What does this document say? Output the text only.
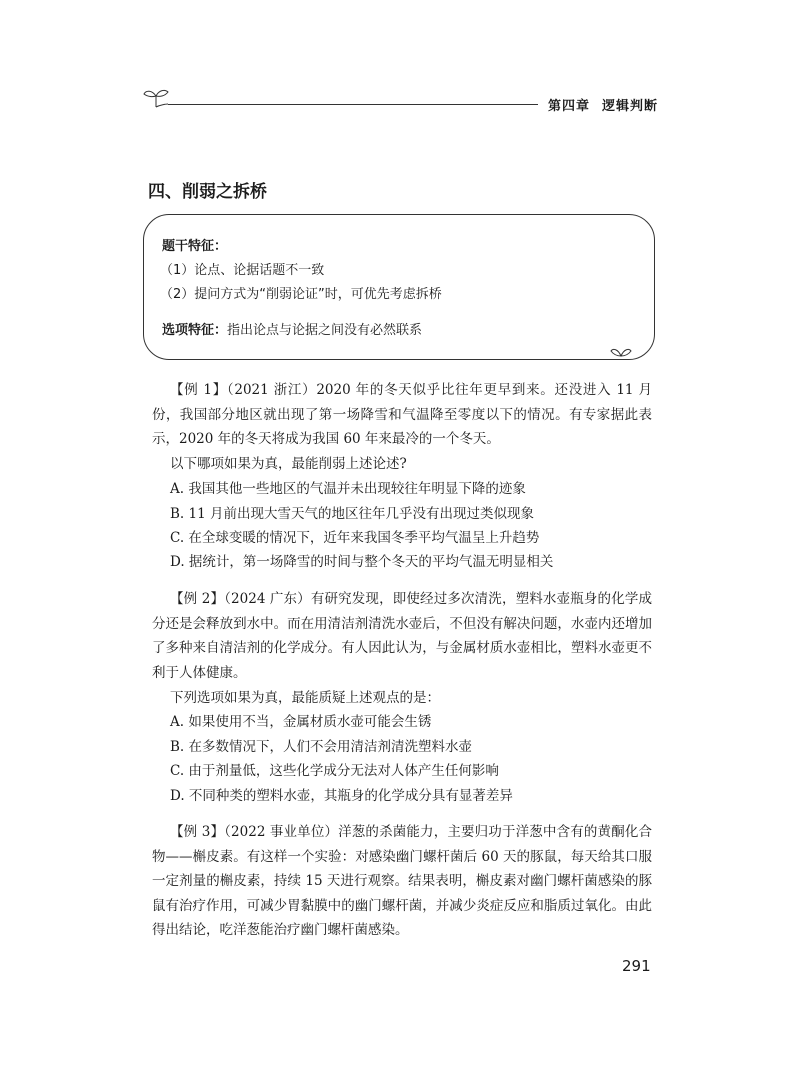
第四章 逻辑判断
四、削弱之拆桥
题干特征：
（1）论点、论据话题不一致
（2）提问方式为“削弱论证”时，可优先考虑拆桥
选项特征：指出论点与论据之间没有必然联系
【例 1】（2021 浙江）2020 年的冬天似乎比往年更早到来。还没进入 11 月份，我国部分地区就出现了第一场降雪和气温降至零度以下的情况。有专家据此表示，2020 年的冬天将成为我国 60 年来最冷的一个冬天。
以下哪项如果为真，最能削弱上述论述?
A. 我国其他一些地区的气温并未出现较往年明显下降的迹象
B. 11 月前出现大雪天气的地区往年几乎没有出现过类似现象
C. 在全球变暖的情况下，近年来我国冬季平均气温呈上升趋势
D. 据统计，第一场降雪的时间与整个冬天的平均气温无明显相关
【例 2】（2024 广东）有研究发现，即使经过多次清洗，塑料水壶瓶身的化学成分还是会释放到水中。而在用清洁剂清洗水壶后，不但没有解决问题，水壶内还增加了多种来自清洁剂的化学成分。有人因此认为，与金属材质水壶相比，塑料水壶更不利于人体健康。
下列选项如果为真，最能质疑上述观点的是：
A. 如果使用不当，金属材质水壶可能会生锈
B. 在多数情况下，人们不会用清洁剂清洗塑料水壶
C. 由于剂量低，这些化学成分无法对人体产生任何影响
D. 不同种类的塑料水壶，其瓶身的化学成分具有显著差异
【例 3】（2022 事业单位）洋葱的杀菌能力，主要归功于洋葱中含有的黄酮化合物——槲皮素。有这样一个实验：对感染幽门螺杆菌后 60 天的豚鼠，每天给其口服一定剂量的槲皮素，持续 15 天进行观察。结果表明，槲皮素对幽门螺杆菌感染的豚鼠有治疗作用，可减少胃黏膜中的幽门螺杆菌，并减少炎症反应和脂质过氧化。由此得出结论，吃洋葱能治疗幽门螺杆菌感染。
291
